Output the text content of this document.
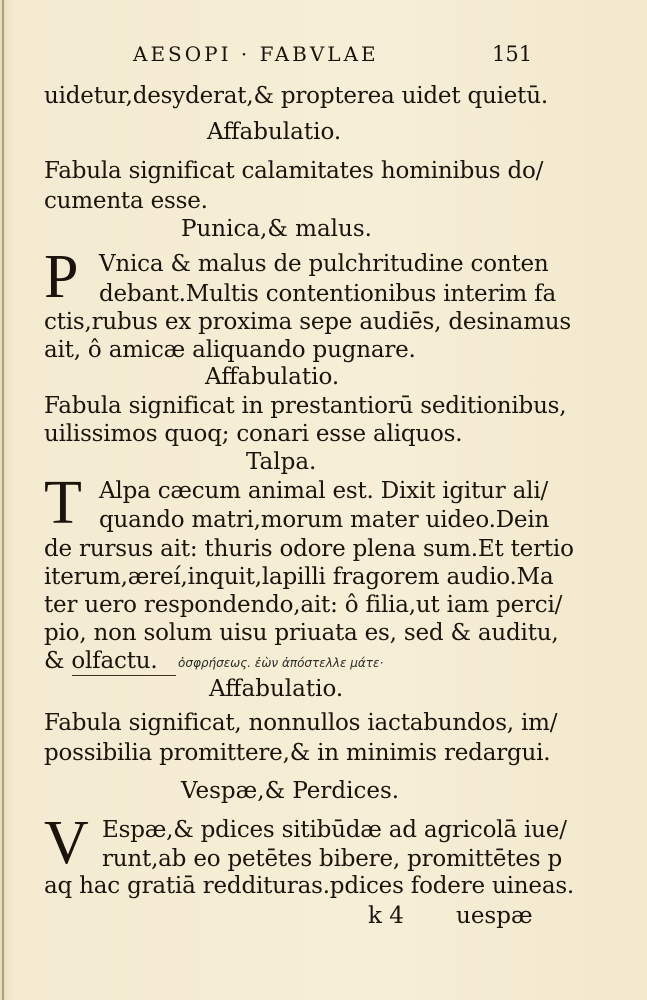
AESOPI · FABVLAE	151
uidetur,desyderat,& propterea uidet quietū.
Affabulatio.
Fabula significat calamitates hominibus do/
cumenta esse.
Punica,& malus.
P Vnica & malus de pulchritudine conten
debant.Multis contentionibus interim fa
ctis,rubus ex proxima sepe audiēs, desinamus
ait, ô amicæ aliquando pugnare.
Affabulatio.
Fabula significat in prestantiorū seditionibus,
uilissimos quoq; conari esse aliquos.
Talpa.
T Alpa cæcum animal est. Dixit igitur ali/
quando matri,morum mater uideo.Dein
de rursus ait: thuris odore plena sum.Et tertio
iterum,æreí,inquit,lapilli fragorem audio.Ma
ter uero respondendo,ait: ô filia,ut iam perci/
pio, non solum uisu priuata es, sed & auditu,
& olfactu. ὀσφρήσεως. ἐὼν ἀπόστελλε μάτε·
Affabulatio.
Fabula significat, nonnullos iactabundos, im/
possibilia promittere,& in minimis redargui.
Vespæ,& Perdices.
V Espæ,& pdices sitibūdæ ad agricolā iue/
runt,ab eo petētes bibere, promittētes p
aq hac gratiā reddituras.pdices fodere uineas.
k 4 uespæ
